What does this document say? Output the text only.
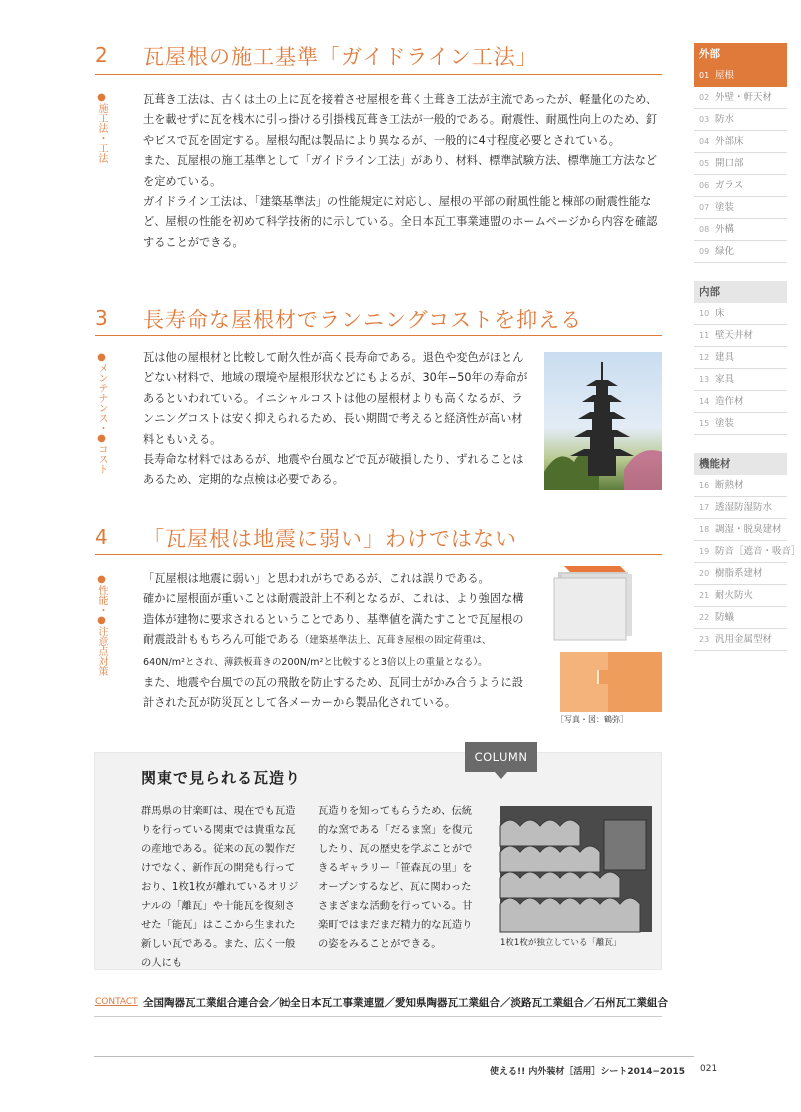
2 瓦屋根の施工基準「ガイドライン工法」
●施工法・工法	瓦葺き工法は、古くは土の上に瓦を接着させ屋根を葺く土葺き工法が主流であったが、軽量化のため、土を載せずに瓦を桟木に引っ掛ける引掛桟瓦葺き工法が一般的である。耐震性、耐風性向上のため、釘やビスで瓦を固定する。屋根勾配は製品により異なるが、一般的に4寸程度必要とされている。

また、瓦屋根の施工基準として「ガイドライン工法」があり、材料、標準試験方法、標準施工方法などを定めている。

ガイドライン工法は、「建築基準法」の性能規定に対応し、屋根の平部の耐風性能と棟部の耐震性能など、屋根の性能を初めて科学技術的に示している。全日本瓦工事業連盟のホームページから内容を確認することができる。

3 長寿命な屋根材でランニングコストを抑える
●メンテナンス・●コスト	瓦は他の屋根材と比較して耐久性が高く長寿命である。退色や変色がほとんどない材料で、地域の環境や屋根形状などにもよるが、30年−50年の寿命があるといわれている。イニシャルコストは他の屋根材よりも高くなるが、ランニングコストは安く抑えられるため、長い期間で考えると経済性が高い材料ともいえる。

長寿命な材料ではあるが、地震や台風などで瓦が破損したり、ずれることはあるため、定期的な点検は必要である。

4 「瓦屋根は地震に弱い」わけではない
●性能・●注意点対策	「瓦屋根は地震に弱い」と思われがちであるが、これは誤りである。

確かに屋根面が重いことは耐震設計上不利となるが、これは、より強固な構造体が建物に要求されるということであり、基準値を満たすことで瓦屋根の耐震設計ももちろん可能である（建築基準法上、瓦葺き屋根の固定荷重は、640N/m²とされ、薄鉄板葺きの200N/m²と比較すると3倍以上の重量となる）。

また、地震や台風での瓦の飛散を防止するため、瓦同士がかみ合うように設計された瓦が防災瓦として各メーカーから製品化されている。

［写真・図：鶴弥］
COLUMN
関東で見られる瓦造り
群馬県の甘楽町は、現在でも瓦造りを行っている関東では貴重な瓦の産地である。従来の瓦の製作だけでなく、新作瓦の開発も行っており、1枚1枚が離れているオリジナルの「離瓦」や十能瓦を復刻させた「能瓦」はここから生まれた新しい瓦である。また、広く一般の人にも
瓦造りを知ってもらうため、伝統的な窯である「だるま窯」を復元したり、瓦の歴史を学ぶことができるギャラリー「笹森瓦の里」をオープンするなど、瓦に関わったさまざまな活動を行っている。甘楽町ではまだまだ精力的な瓦造りの姿をみることができる。	1枚1枚が独立している「離瓦」
CONTACT 全国陶器瓦工業組合連合会／㈳全日本瓦工事業連盟／愛知県陶器瓦工業組合／淡路瓦工業組合／石州瓦工業組合
使える!! 内外装材［活用］シート2014−2015 021
外部
01 屋根
02 外壁・軒天材
03 防水
04 外部床
05 開口部
06 ガラス
07 塗装
08 外構
09 緑化
内部
10 床
11 壁天井材
12 建具
13 家具
14 造作材
15 塗装
機能材
16 断熱材
17 透湿防湿防水
18 調湿・脱臭建材
19 防音［遮音・吸音］
20 樹脂系建材
21 耐火防火
22 防蟻
23 汎用金属型材
